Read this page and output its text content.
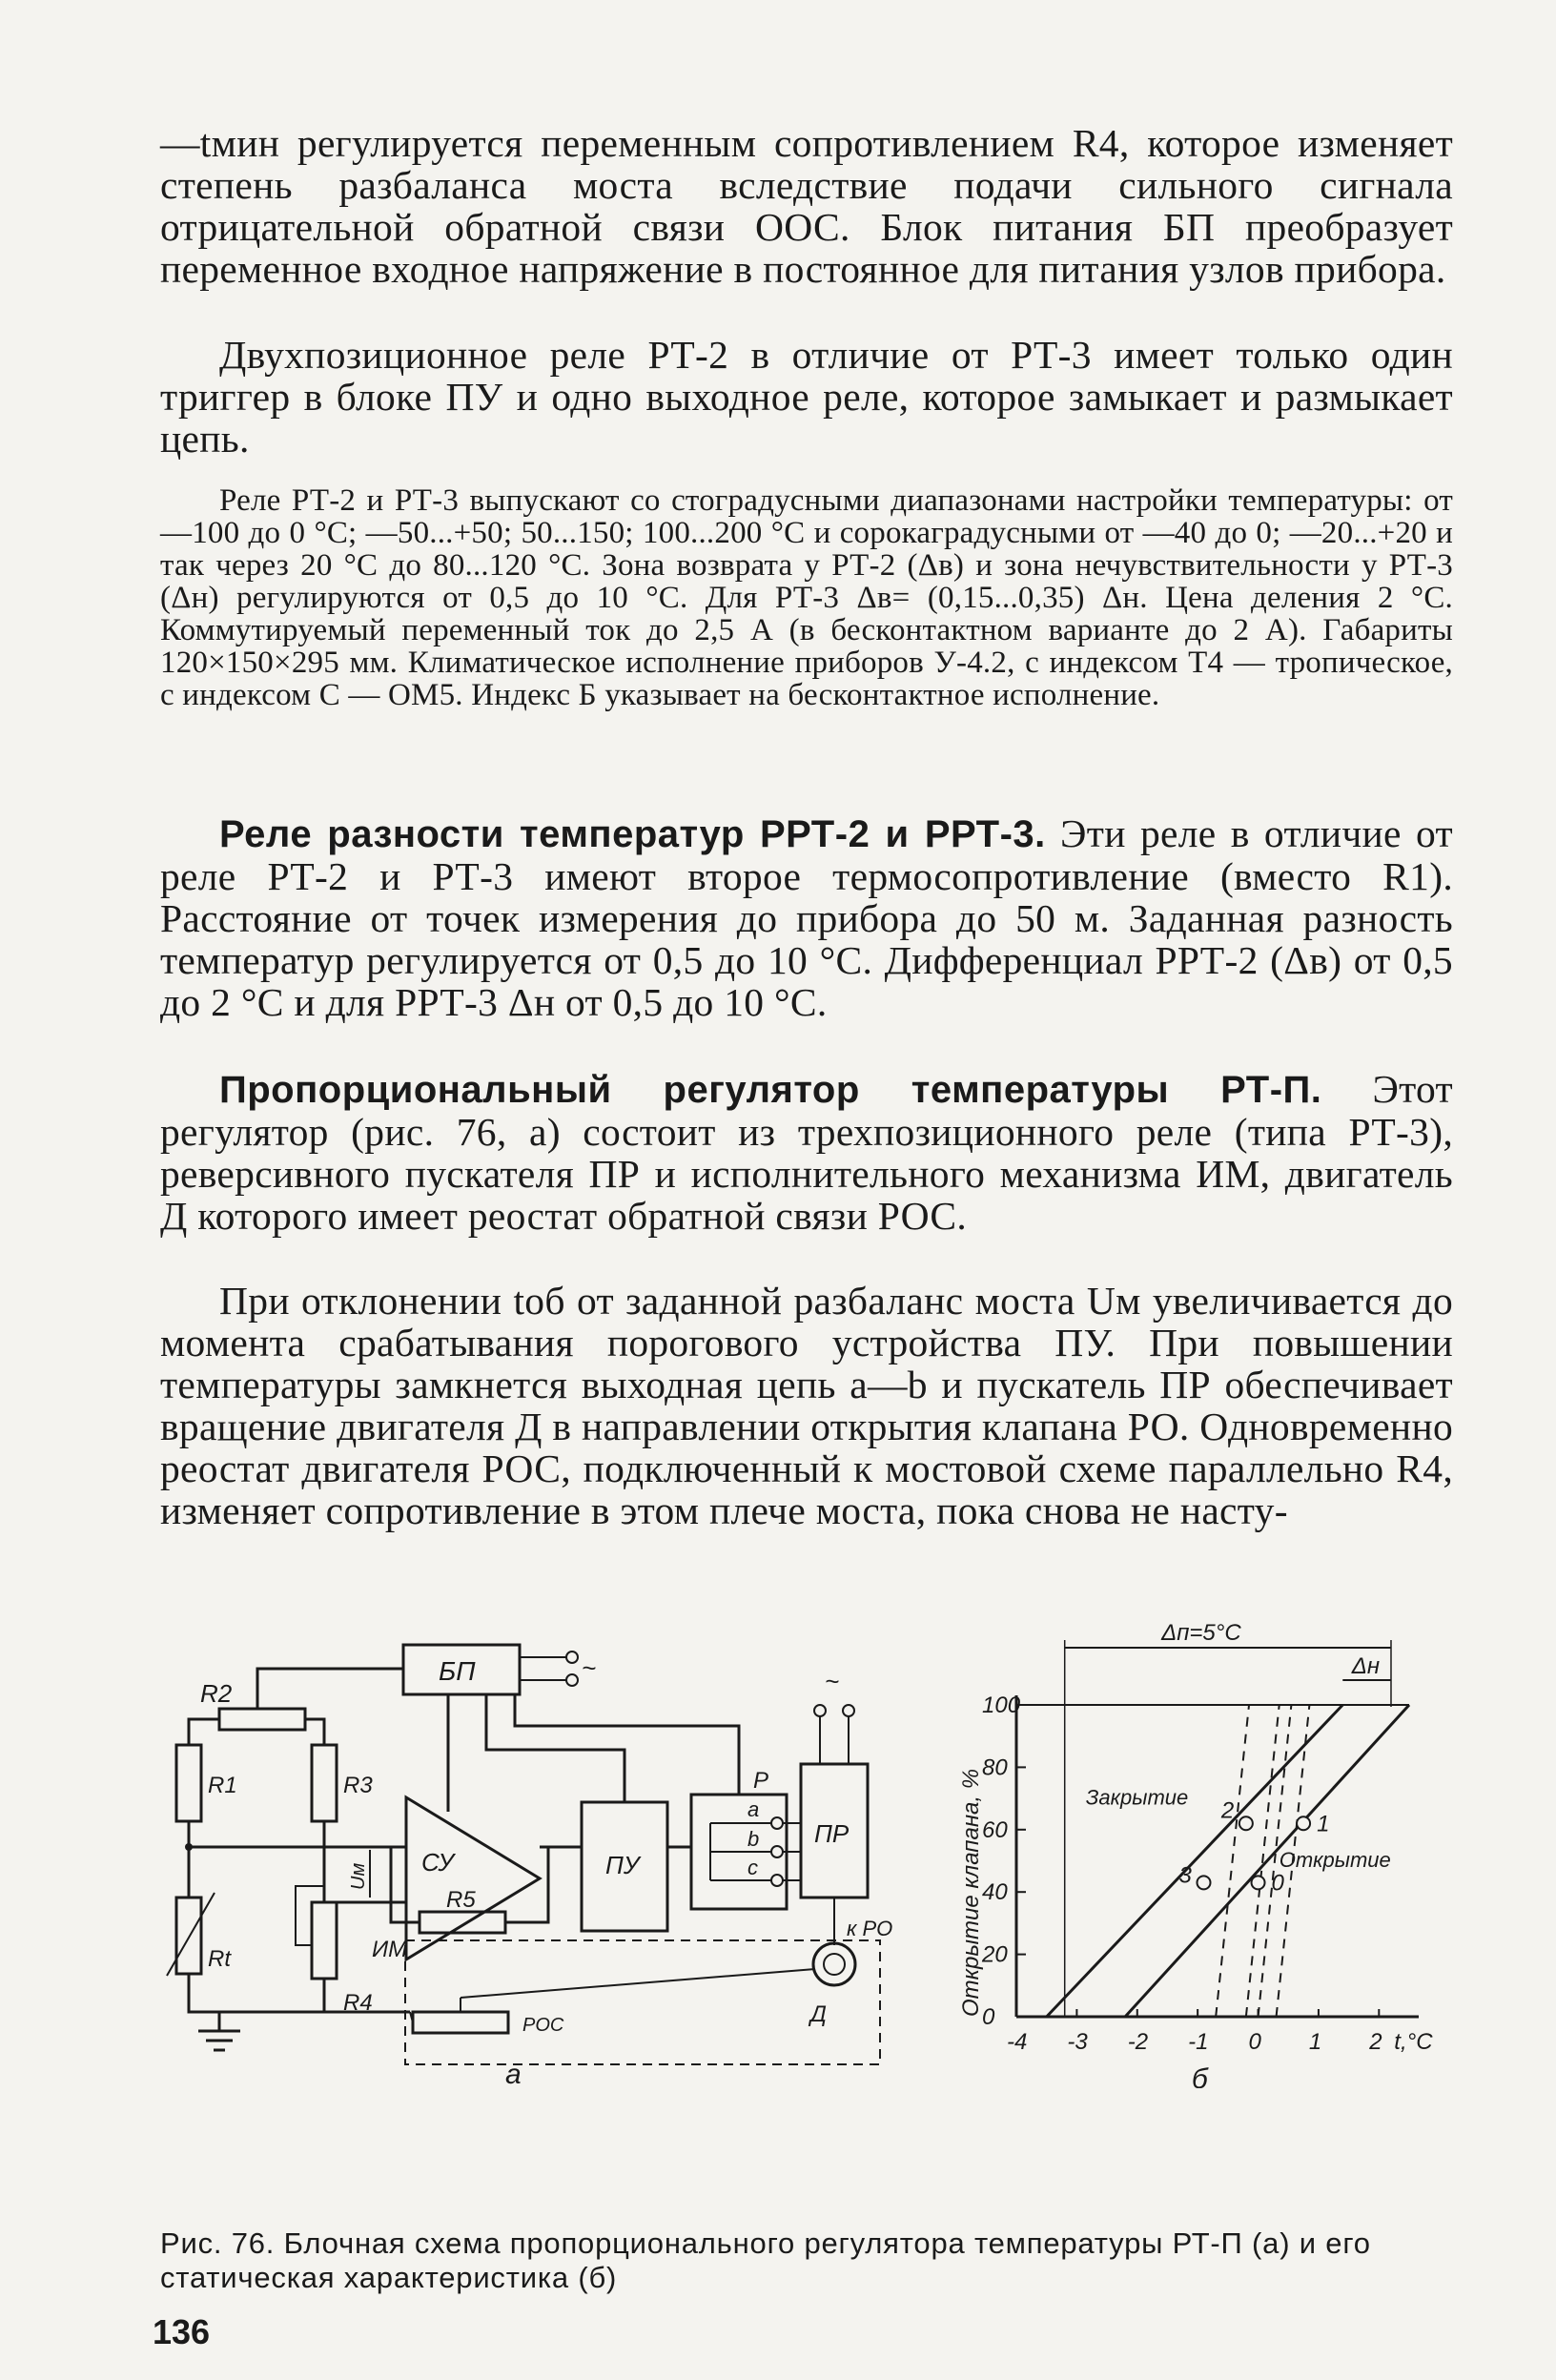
—tмин регулируется переменным сопротивлением R4, которое изменяет степень разбаланса моста вследствие подачи сильного сигнала отрицательной обратной связи ООС. Блок питания БП преобразует переменное входное напряжение в постоянное для питания узлов прибора.

Двухпозиционное реле РТ-2 в отличие от РТ-3 имеет только один триггер в блоке ПУ и одно выходное реле, которое замыкает и размыкает цепь.

Реле РТ-2 и РТ-3 выпускают со стоградусными диапазонами настройки температуры: от —100 до 0 °С; —50...+50; 50...150; 100...200 °С и сорокаградусными от —40 до 0; —20...+20 и так через 20 °С до 80...120 °С. Зона возврата у РТ-2 (Δв) и зона нечувствительности у РТ-3 (Δн) регулируются от 0,5 до 10 °С. Для РТ-3 Δв= (0,15...0,35) Δн. Цена деления 2 °С. Коммутируемый переменный ток до 2,5 А (в бесконтактном варианте до 2 А). Габариты 120×150×295 мм. Климатическое исполнение приборов У-4.2, с индексом Т4 — тропическое, с индексом С — ОМ5. Индекс Б указывает на бесконтактное исполнение.

Реле разности температур РРТ-2 и РРТ-3. Эти реле в отличие от реле РТ-2 и РТ-3 имеют второе термосопротивление (вместо R1). Расстояние от точек измерения до прибора до 50 м. Заданная разность температур регулируется от 0,5 до 10 °С. Дифференциал РРТ-2 (Δв) от 0,5 до 2 °С и для РРТ-3 Δн от 0,5 до 10 °С.

Пропорциональный регулятор температуры РТ-П. Этот регулятор (рис. 76, а) состоит из трехпозиционного реле (типа РТ-3), реверсивного пускателя ПР и исполнительного механизма ИМ, двигатель Д которого имеет реостат обратной связи РОС.

При отклонении tоб от заданной разбаланс моста Uм увеличивается до момента срабатывания порогового устройства ПУ. При повышении температуры замкнется выходная цепь а—b и пускатель ПР обеспечивает вращение двигателя Д в направлении открытия клапана РО. Одновременно реостат двигателя РОС, подключенный к мостовой схеме параллельно R4, изменяет сопротивление в этом плече моста, пока снова не насту-

БП	~
R2
R1	R3
Uм
Rt
R4
СУ
R5
ПУ
Р
а
b
с
ПР
~
к РО
Д
ИМ
РОС
а
-4 -3 -2 -1 0 1 2 t,°С
0
20
40
60
80
100
Открытие клапана, %
Δп=5°С
Δн
0
1
2
3
Закрытие
Открытие
б

Рис. 76. Блочная схема пропорционального регулятора температуры РТ-П (а) и его статическая характеристика (б)

136
